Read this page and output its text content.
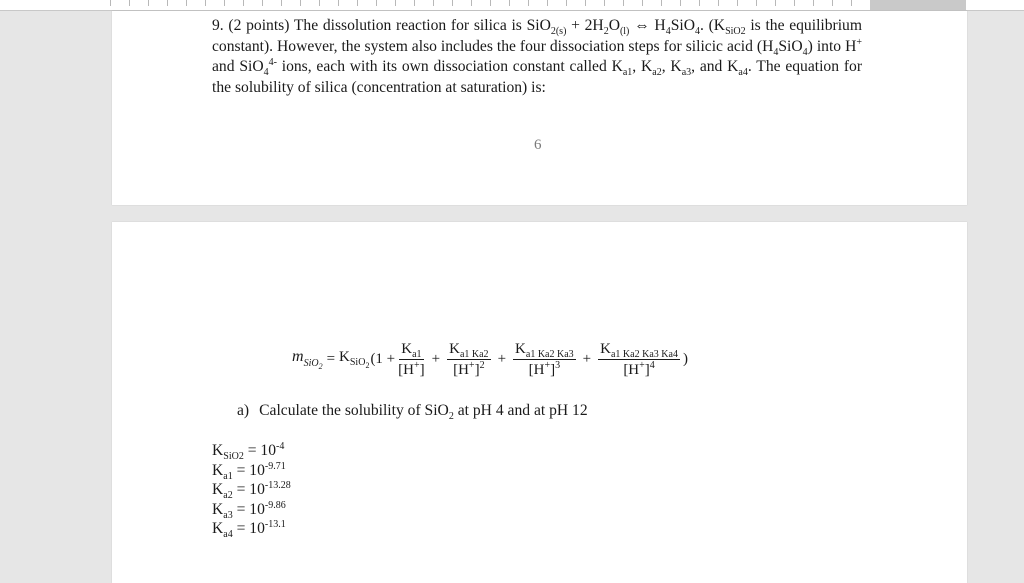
9. (2 points) The dissolution reaction for silica is $SiO_{2(s)} + 2H_2O_{(l)}$ ⇔ $H_4SiO_4$. ($K_{SiO2}$ is the equilibrium constant). However, the system also includes the four dissociation steps for silicic acid $(H_4SiO_4)$ into H+ and SiO$_4^{4-}$ ions, each with its own dissociation constant called $K_{a1}$, $K_{a2}$, $K_{a3}$, and $K_{a4}$. The equation for the solubility of silica (concentration at saturation) is:
6
$m_{SiO_2} = K_{SiO_2}$ ($1 + \frac{K_{a1}}{[H^+]} + \frac{K_{a1 Ka2}}{[H^+]^2} + \frac{K_{a1 Ka2 Ka3}}{[H^+]^3} + \frac{K_{a1 Ka2 Ka3 Ka4}}{[H^+]^4}$ )
a) Calculate the solubility of SiO$_2$ at pH 4 and at pH 12
$K_{SiO2} = 10^{-4}$
$K_{a1} = 10^{-9.71}$
$K_{a2} = 10^{-13.28}$
$K_{a3} = 10^{-9.86}$
$K_{a4} = 10^{-13.1}$
